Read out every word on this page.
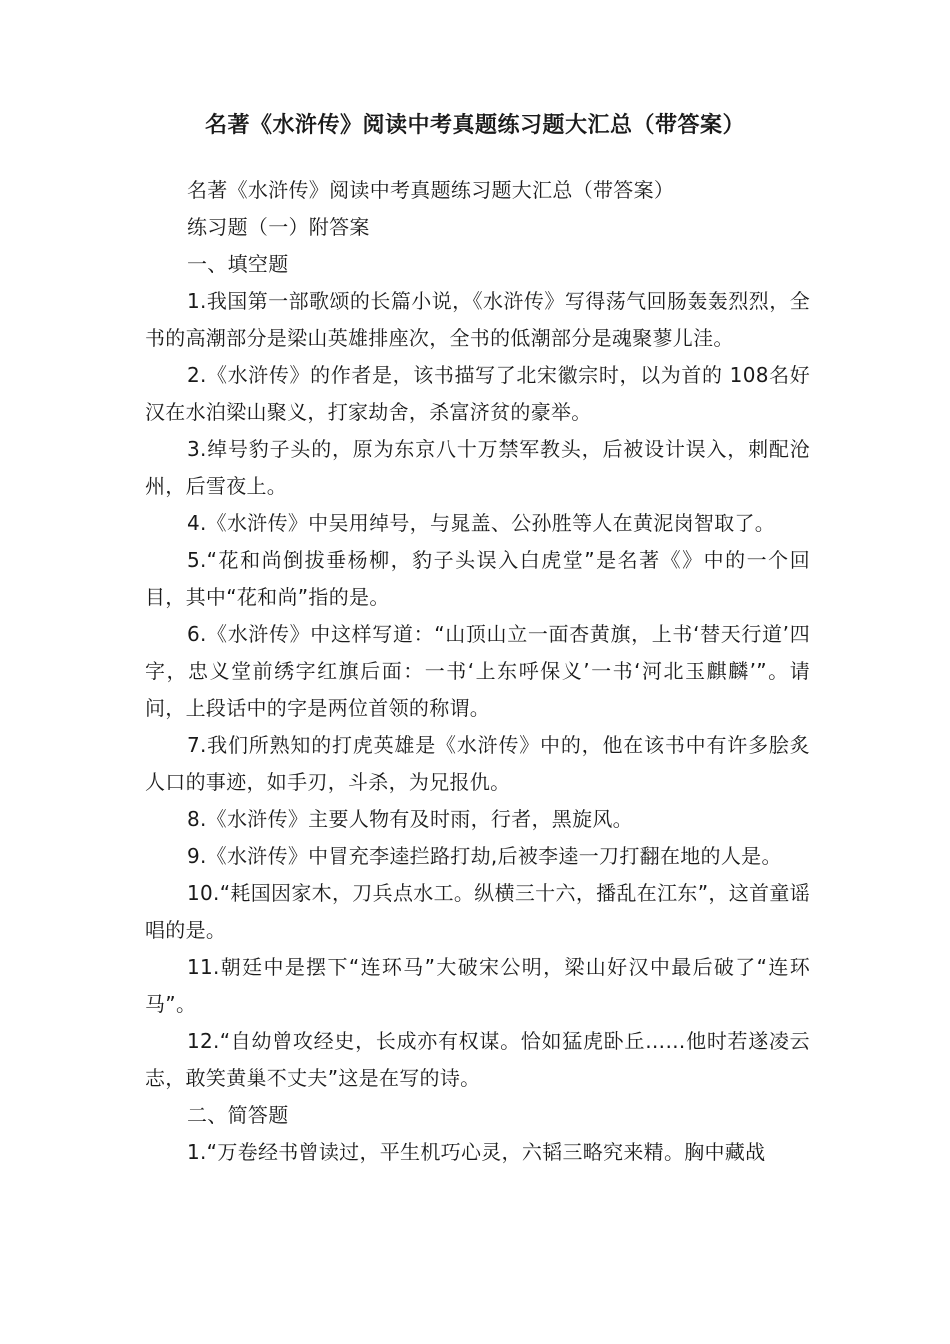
名著《水浒传》阅读中考真题练习题大汇总（带答案）

名著《水浒传》阅读中考真题练习题大汇总（带答案）

练习题（一）附答案

一、填空题

1.我国第一部歌颂的长篇小说，《水浒传》写得荡气回肠轰轰烈烈，全书的高潮部分是梁山英雄排座次，全书的低潮部分是魂聚蓼儿洼。

2.《水浒传》的作者是，该书描写了北宋徽宗时，以为首的 108名好汉在水泊梁山聚义，打家劫舍，杀富济贫的豪举。

3.绰号豹子头的，原为东京八十万禁军教头，后被设计误入，刺配沧州，后雪夜上。

4.《水浒传》中吴用绰号，与晁盖、公孙胜等人在黄泥岗智取了。

5.“花和尚倒拔垂杨柳，豹子头误入白虎堂”是名著《》中的一个回目，其中“花和尚”指的是。

6.《水浒传》中这样写道：“山顶山立一面杏黄旗，上书‘替天行道’四字，忠义堂前绣字红旗后面：一书‘上东呼保义’一书‘河北玉麒麟’”。请问，上段话中的字是两位首领的称谓。

7.我们所熟知的打虎英雄是《水浒传》中的，他在该书中有许多脍炙人口的事迹，如手刃，斗杀，为兄报仇。

8.《水浒传》主要人物有及时雨，行者，黑旋风。

9.《水浒传》中冒充李逵拦路打劫,后被李逵一刀打翻在地的人是。

10.“耗国因家木，刀兵点水工。纵横三十六，播乱在江东”，这首童谣唱的是。

11.朝廷中是摆下“连环马”大破宋公明，梁山好汉中最后破了“连环马”。

12.“自幼曾攻经史，长成亦有权谋。恰如猛虎卧丘……他时若遂凌云志，敢笑黄巢不丈夫”这是在写的诗。

二、简答题

1.“万卷经书曾读过，平生机巧心灵，六韬三略究来精。胸中藏战
